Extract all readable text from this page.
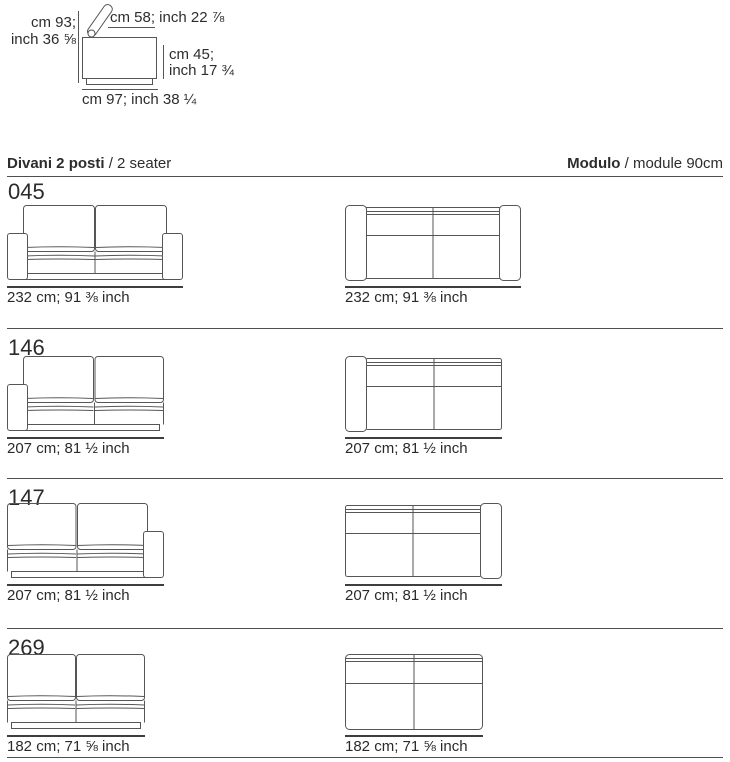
cm 93;
inch 36 ⅝
cm 58; inch 22 ⅞
cm 45;
inch 17 ¾
cm 97; inch 38 ¼
Divani 2 posti / 2 seater	Modulo / module 90cm
045
232 cm; 91 ⅜ inch	232 cm; 91 ⅜ inch
146
207 cm; 81 ½ inch	207 cm; 81 ½ inch
147
207 cm; 81 ½ inch	207 cm; 81 ½ inch
269
182 cm; 71 ⅝ inch	182 cm; 71 ⅝ inch
